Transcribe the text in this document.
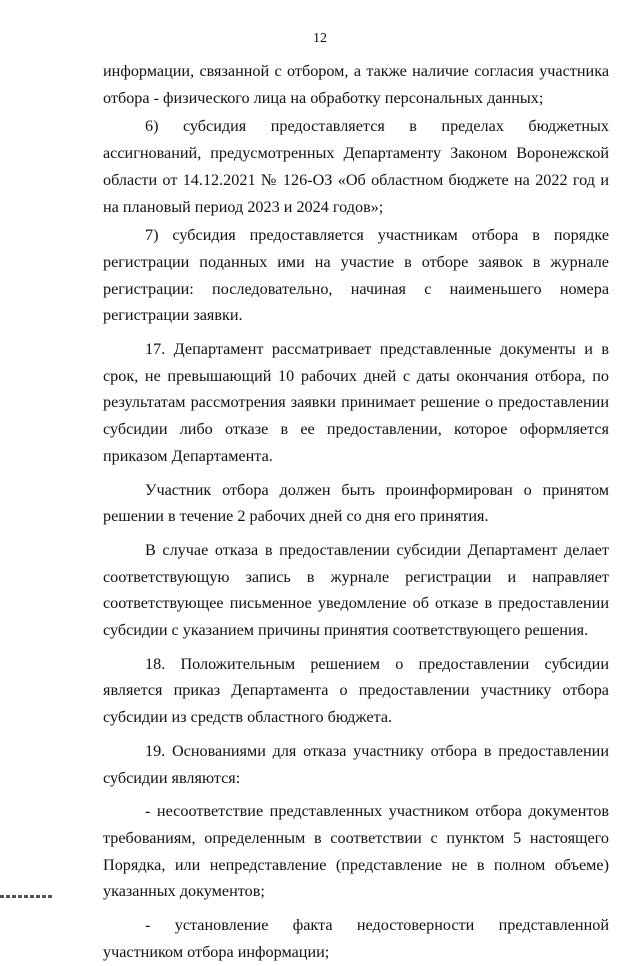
12

информации, связанной с отбором, а также наличие согласия участника отбора - физического лица на обработку персональных данных;

6) субсидия предоставляется в пределах бюджетных ассигнований, предусмотренных Департаменту Законом Воронежской области от 14.12.2021 № 126-ОЗ «Об областном бюджете на 2022 год и на плановый период 2023 и 2024 годов»;

7) субсидия предоставляется участникам отбора в порядке регистрации поданных ими на участие в отборе заявок в журнале регистрации: последовательно, начиная с наименьшего номера регистрации заявки.

17. Департамент рассматривает представленные документы и в срок, не превышающий 10 рабочих дней с даты окончания отбора, по результатам рассмотрения заявки принимает решение о предоставлении субсидии либо отказе в ее предоставлении, которое оформляется приказом Департамента.

Участник отбора должен быть проинформирован о принятом решении в течение 2 рабочих дней со дня его принятия.

В случае отказа в предоставлении субсидии Департамент делает соответствующую запись в журнале регистрации и направляет соответствующее письменное уведомление об отказе в предоставлении субсидии с указанием причины принятия соответствующего решения.

18. Положительным решением о предоставлении субсидии является приказ Департамента о предоставлении участнику отбора субсидии из средств областного бюджета.

19. Основаниями для отказа участнику отбора в предоставлении субсидии являются:

- несоответствие представленных участником отбора документов требованиям, определенным в соответствии с пунктом 5 настоящего Порядка, или непредставление (представление не в полном объеме) указанных документов;

- установление факта недостоверности представленной участником отбора информации;
